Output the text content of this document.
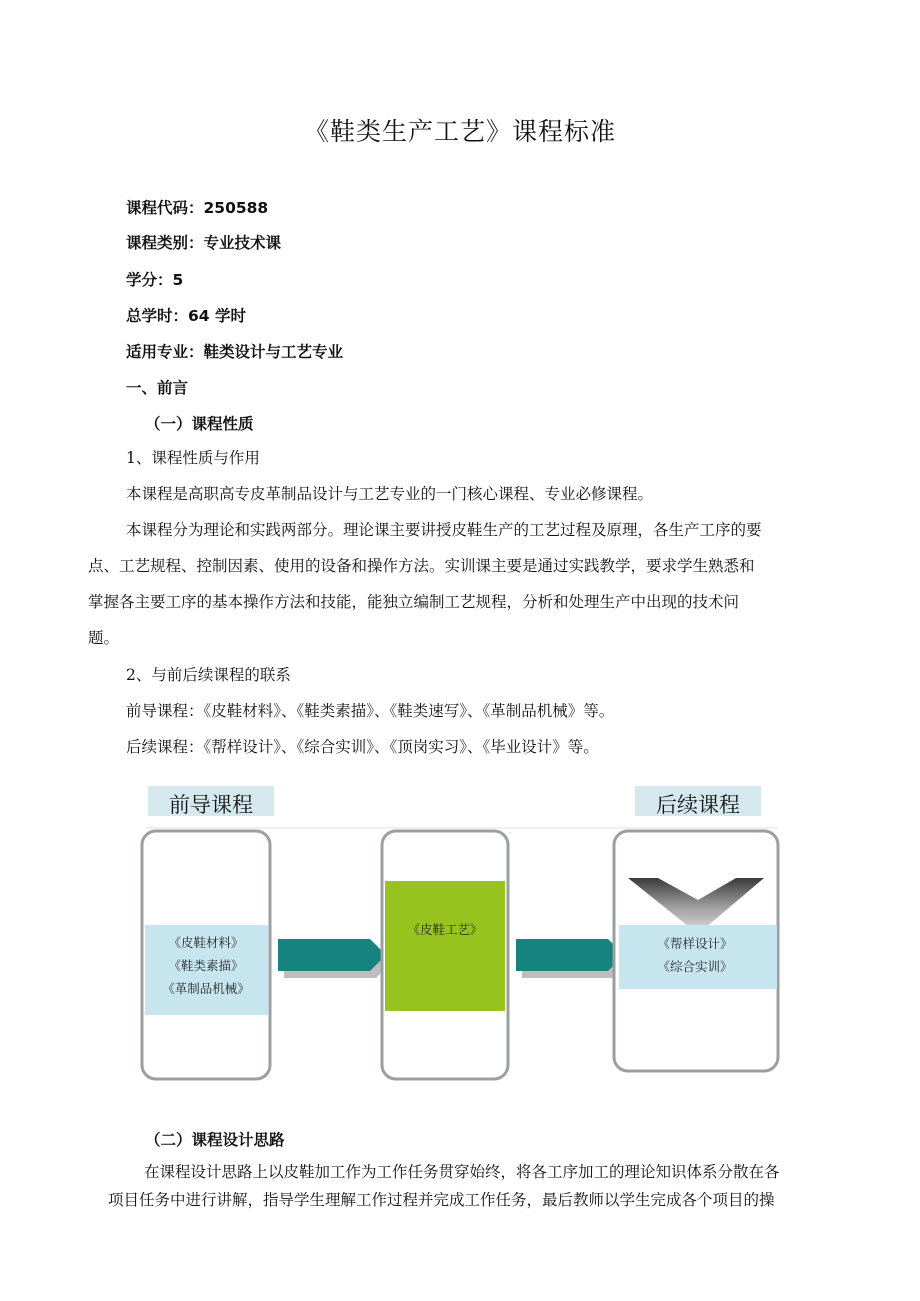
《鞋类生产工艺》课程标准
课程代码：250588
课程类别：专业技术课
学分：5
总学时：64 学时
适用专业：鞋类设计与工艺专业
一、前言
（一）课程性质
1、课程性质与作用
本课程是高职高专皮革制品设计与工艺专业的一门核心课程、专业必修课程。
本课程分为理论和实践两部分。理论课主要讲授皮鞋生产的工艺过程及原理，各生产工序的要
点、工艺规程、控制因素、使用的设备和操作方法。实训课主要是通过实践教学，要求学生熟悉和
掌握各主要工序的基本操作方法和技能，能独立编制工艺规程，分析和处理生产中出现的技术问
题。
2、与前后续课程的联系
前导课程：《皮鞋材料》、《鞋类素描》、《鞋类速写》、《革制品机械》等。
后续课程：《帮样设计》、《综合实训》、《顶岗实习》、《毕业设计》等。
前导课程	后续课程
《皮鞋材料》
《鞋类素描》
《革制品机械》
《皮鞋工艺》
《帮样设计》
《综合实训》
（二）课程设计思路
在课程设计思路上以皮鞋加工作为工作任务贯穿始终，将各工序加工的理论知识体系分散在各
项目任务中进行讲解，指导学生理解工作过程并完成工作任务，最后教师以学生完成各个项目的操
